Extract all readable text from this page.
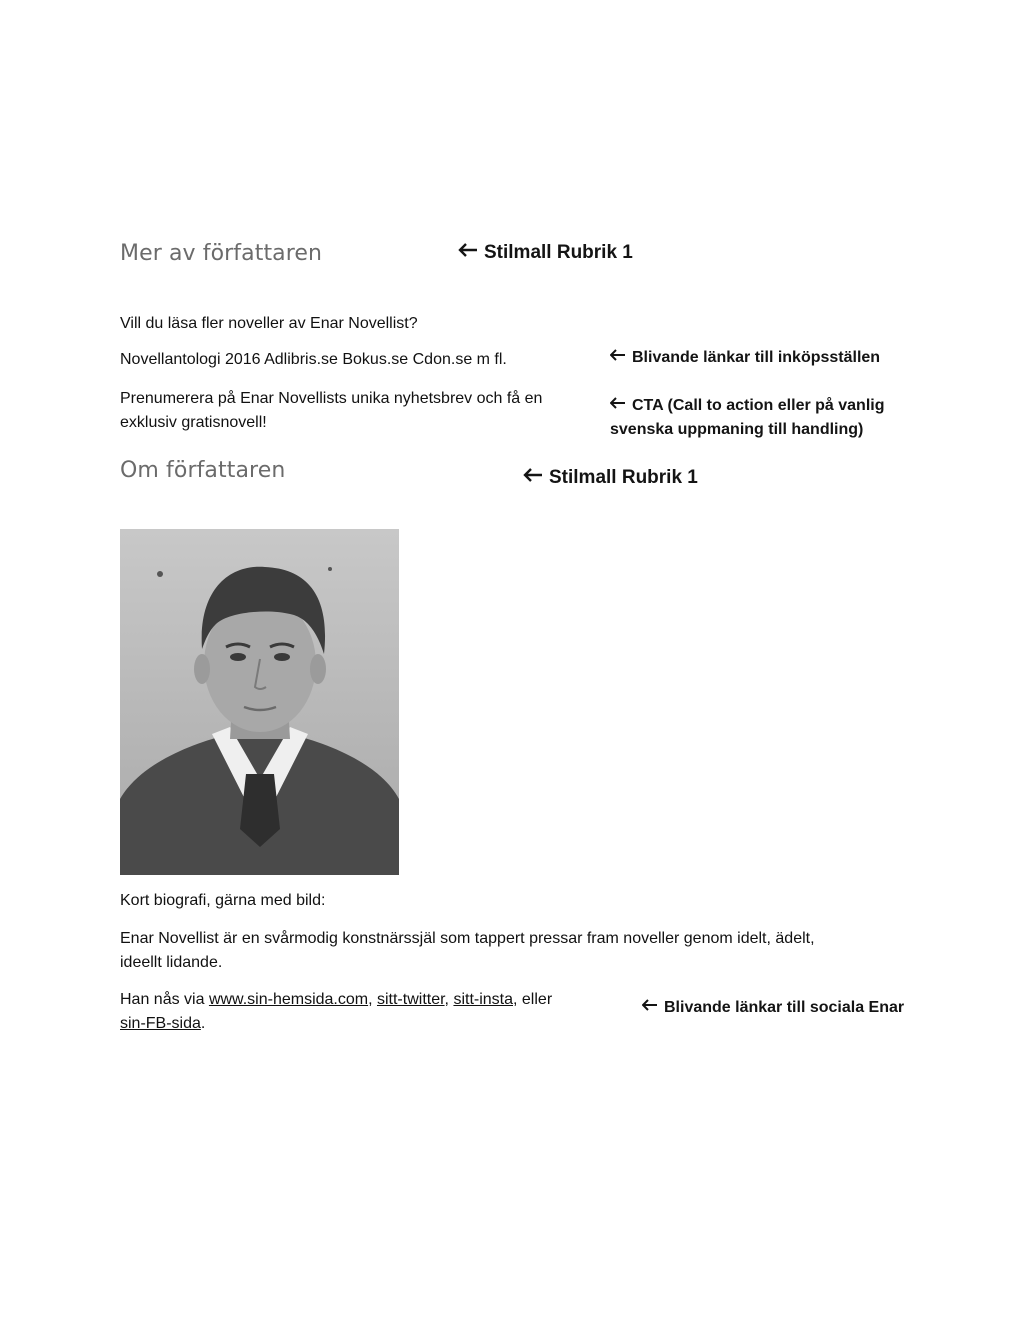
Mer av författaren	Stilmall Rubrik 1
Vill du läsa fler noveller av Enar Novellist?
Novellantologi 2016 Adlibris.se Bokus.se Cdon.se m fl.	Blivande länkar till inköpsställen
Prenumerera på Enar Novellists unika nyhetsbrev och få en
exklusiv gratisnovell!
CTA (Call to action eller på vanlig
svenska uppmaning till handling)
Om författaren	Stilmall Rubrik 1
Kort biografi, gärna med bild:
Enar Novellist är en svårmodig konstnärssjäl som tappert pressar fram noveller genom idelt, ädelt,
ideellt lidande.
Han nås via www.sin-hemsida.com, sitt-twitter, sitt-insta, eller
sin-FB-sida.
Blivande länkar till sociala Enar
